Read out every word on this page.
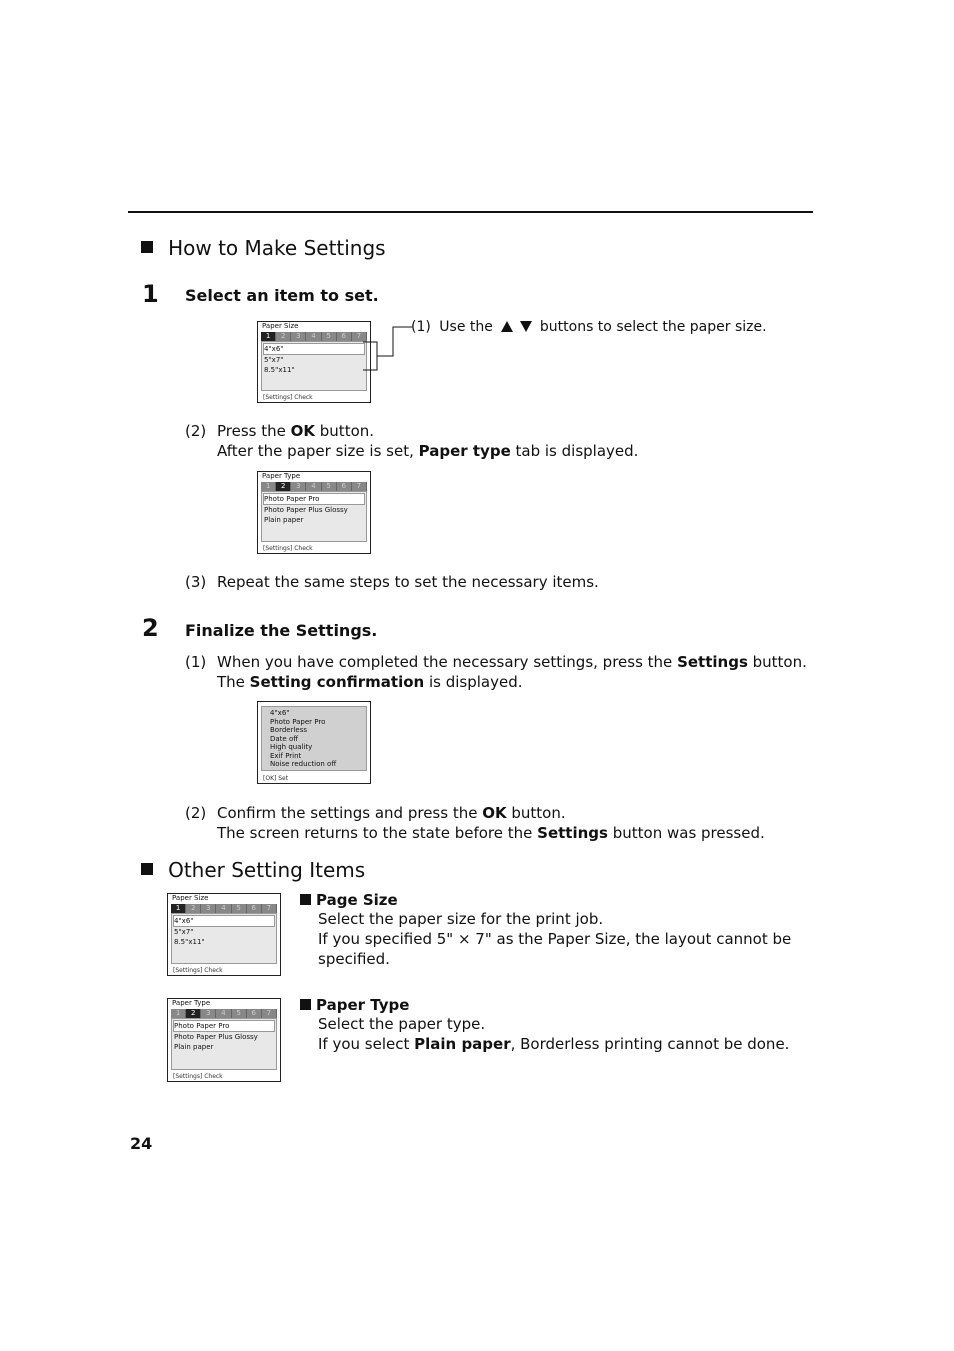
How to Make Settings
1 Select an item to set.
Paper Size
1	2	3	4	5	6	7
4"x6"
5"x7"
8.5"x11"
[Settings] Check
(1) Use the	buttons to select the paper size.
(2) Press the OK button.
After the paper size is set, Paper type tab is displayed.
Paper Type
1	2	3	4	5	6	7
Photo Paper Pro
Photo Paper Plus Glossy
Plain paper
[Settings] Check
(3) Repeat the same steps to set the necessary items.
2 Finalize the Settings.
(1) When you have completed the necessary settings, press the Settings button.
The Setting confirmation is displayed.
4"x6"
Photo Paper Pro
Borderless
Date off
High quality
Exif Print
Noise reduction off
[OK] Set
(2) Confirm the settings and press the OK button.
The screen returns to the state before the Settings button was pressed.
Other Setting Items
Paper Size
1	2	3	4	5	6	7
4"x6"
5"x7"
8.5"x11"
[Settings] Check
Page Size
Select the paper size for the print job.
If you specified 5" × 7" as the Paper Size, the layout cannot be
specified.
Paper Type
1	2	3	4	5	6	7
Photo Paper Pro
Photo Paper Plus Glossy
Plain paper
[Settings] Check
Paper Type
Select the paper type.
If you select Plain paper, Borderless printing cannot be done.
24
